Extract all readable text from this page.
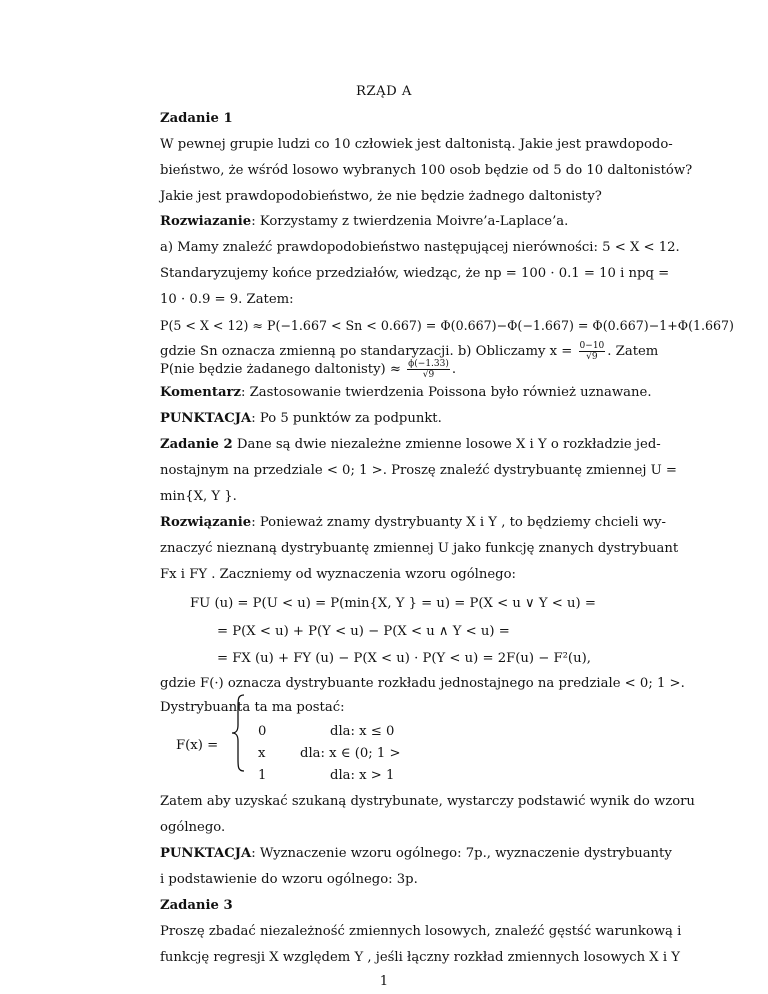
RZĄD A
Zadanie 1
W pewnej grupie ludzi co 10 człowiek jest daltonistą. Jakie jest prawdopodo-
bieństwo, że wśród losowo wybranych 100 osob będzie od 5 do 10 daltonistów?
Jakie jest prawdopodobieństwo, że nie będzie żadnego daltonisty?
Rozwiazanie: Korzystamy z twierdzenia Moivre’a-Laplace’a.
a) Mamy znaleźć prawdopodobieństwo następującej nierówności: 5 < X < 12.
Standaryzujemy końce przedziałów, wiedząc, że np = 100 · 0.1 = 10 i npq =
10 · 0.9 = 9. Zatem:
P(5 < X < 12) ≈ P(−1.667 < Sn < 0.667) = Φ(0.667)−Φ(−1.667) = Φ(0.667)−1+Φ(1.667)
gdzie Sn oznacza zmienną po standaryzacji. b) Obliczamy $x = \frac{0-10}{√9}$ . Zatem
P(nie będzie żadanego daltonisty) ≈ $\frac{\phi(-1.33)}{√9}$ .
Komentarz: Zastosowanie twierdzenia Poissona było również uznawane.
PUNKTACJA: Po 5 punktów za podpunkt.
Zadanie 2 Dane są dwie niezależne zmienne losowe X i Y o rozkładzie jed-
nostajnym na przedziale < 0; 1 >. Proszę znaleźć dystrybuantę zmiennej U =
min{X, Y }.
Rozwiązanie: Ponieważ znamy dystrybuanty X i Y , to będziemy chcieli wy-
znaczyć nieznaną dystrybuantę zmiennej U jako funkcję znanych dystrybuant
Fx i FY . Zaczniemy od wyznaczenia wzoru ogólnego:
FU (u) = P(U < u) = P(min{X, Y } = u) = P(X < u ∨ Y < u) =
= P(X < u) + P(Y < u) − P(X < u ∧ Y < u) =
= FX (u) + FY (u) − P(X < u) · P(Y < u) = 2F(u) − F²(u),
gdzie F(·) oznacza dystrybuante rozkładu jednostajnego na predziale < 0; 1 >.
Dystrybuanta ta ma postać:
F(x) =
0	dla: x ≤ 0
x	dla: x ∈ (0; 1 >
1	dla: x > 1
Zatem aby uzyskać szukaną dystrybunate, wystarczy podstawić wynik do wzoru
ogólnego.
PUNKTACJA: Wyznaczenie wzoru ogólnego: 7p., wyznaczenie dystrybuanty
i podstawienie do wzoru ogólnego: 3p.
Zadanie 3
Proszę zbadać niezależność zmiennych losowych, znaleźć gęstść warunkową i
funkcję regresji X względem Y , jeśli łączny rozkład zmiennych losowych X i Y
1
